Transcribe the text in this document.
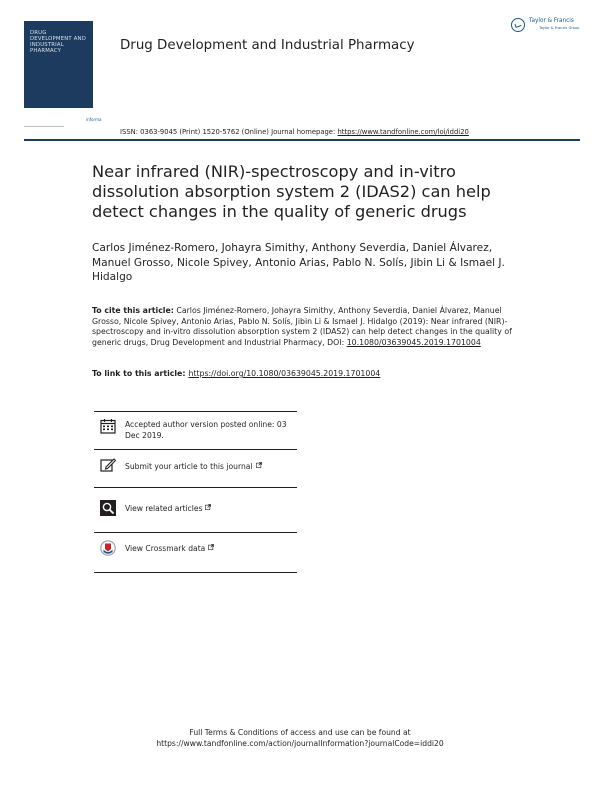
DRUG DEVELOPMENT AND INDUSTRIAL PHARMACY
informa
Drug Development and Industrial Pharmacy
Taylor & Francis
Taylor & Francis Group
ISSN: 0363-9045 (Print) 1520-5762 (Online) Journal homepage: https://www.tandfonline.com/loi/iddi20
Near infrared (NIR)-spectroscopy and in-vitro dissolution absorption system 2 (IDAS2) can help detect changes in the quality of generic drugs
Carlos Jiménez-Romero, Johayra Simithy, Anthony Severdia, Daniel Álvarez, Manuel Grosso, Nicole Spivey, Antonio Arias, Pablo N. Solís, Jibin Li & Ismael J. Hidalgo
To cite this article: Carlos Jiménez-Romero, Johayra Simithy, Anthony Severdia, Daniel Álvarez, Manuel Grosso, Nicole Spivey, Antonio Arias, Pablo N. Solís, Jibin Li & Ismael J. Hidalgo (2019): Near infrared (NIR)-spectroscopy and in-vitro dissolution absorption system 2 (IDAS2) can help detect changes in the quality of generic drugs, Drug Development and Industrial Pharmacy, DOI: 10.1080/03639045.2019.1701004
To link to this article: https://doi.org/10.1080/03639045.2019.1701004
Accepted author version posted online: 03 Dec 2019.
Submit your article to this journal
View related articles
View Crossmark data
Full Terms & Conditions of access and use can be found at
https://www.tandfonline.com/action/journalInformation?journalCode=iddi20
